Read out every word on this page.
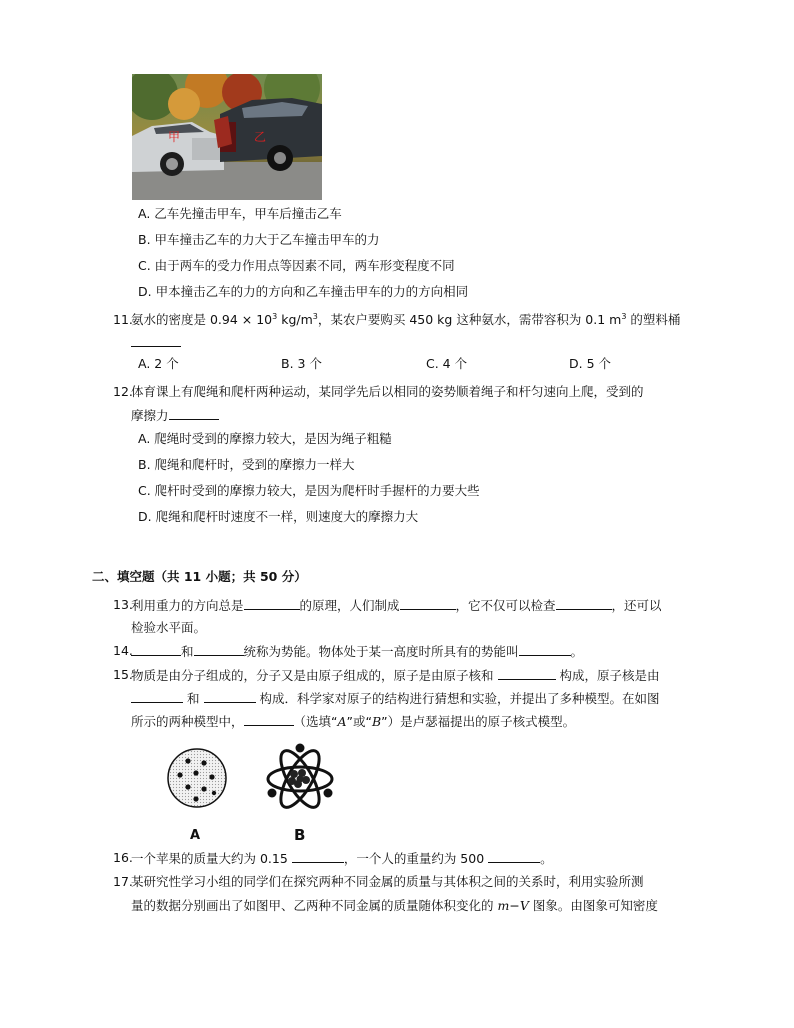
甲	乙
A. 乙车先撞击甲车，甲车后撞击乙车
B. 甲车撞击乙车的力大于乙车撞击甲车的力
C. 由于两车的受力作用点等因素不同，两车形变程度不同
D. 甲本撞击乙车的力的方向和乙车撞击甲车的力的方向相同
11.
氨水的密度是 $0.94 \times 10^3$ $kg/m^3$，某农户要购买 450 kg 这种氨水，需带容积为 0.1 $m^3$ 的塑料桶
A. 2 个	B. 3 个	C. 4 个	D. 5 个
12.
体育课上有爬绳和爬杆两种运动，某同学先后以相同的姿势顺着绳子和杆匀速向上爬，受到的
摩擦力
A. 爬绳时受到的摩擦力较大，是因为绳子粗糙
B. 爬绳和爬杆时，受到的摩擦力一样大
C. 爬杆时受到的摩擦力较大，是因为爬杆时手握杆的力要大些
D. 爬绳和爬杆时速度不一样，则速度大的摩擦力大
二、填空题（共 11 小题；共 50 分）
13.
利用重力的方向总是	的原理，人们制成	，它不仅可以检查	，还可以
检验水平面。
14.	和	统称为势能。物体处于某一高度时所具有的势能叫	。
15.
物质是由分子组成的，分子又是由原子组成的，原子是由原子核和	构成，原子核是由
和	构成．科学家对原子的结构进行猜想和实验，并提出了多种模型。在如图
所示的两种模型中，	（选填“A”或“B”）是卢瑟福提出的原子核式模型。
A	B
16.
一个苹果的质量大约为 0.15	，一个人的重量约为 500	。
17.
某研究性学习小组的同学们在探究两种不同金属的质量与其体积之间的关系时，利用实验所测
量的数据分别画出了如图甲、乙两种不同金属的质量随体积变化的 m−V 图象。由图象可知密度
